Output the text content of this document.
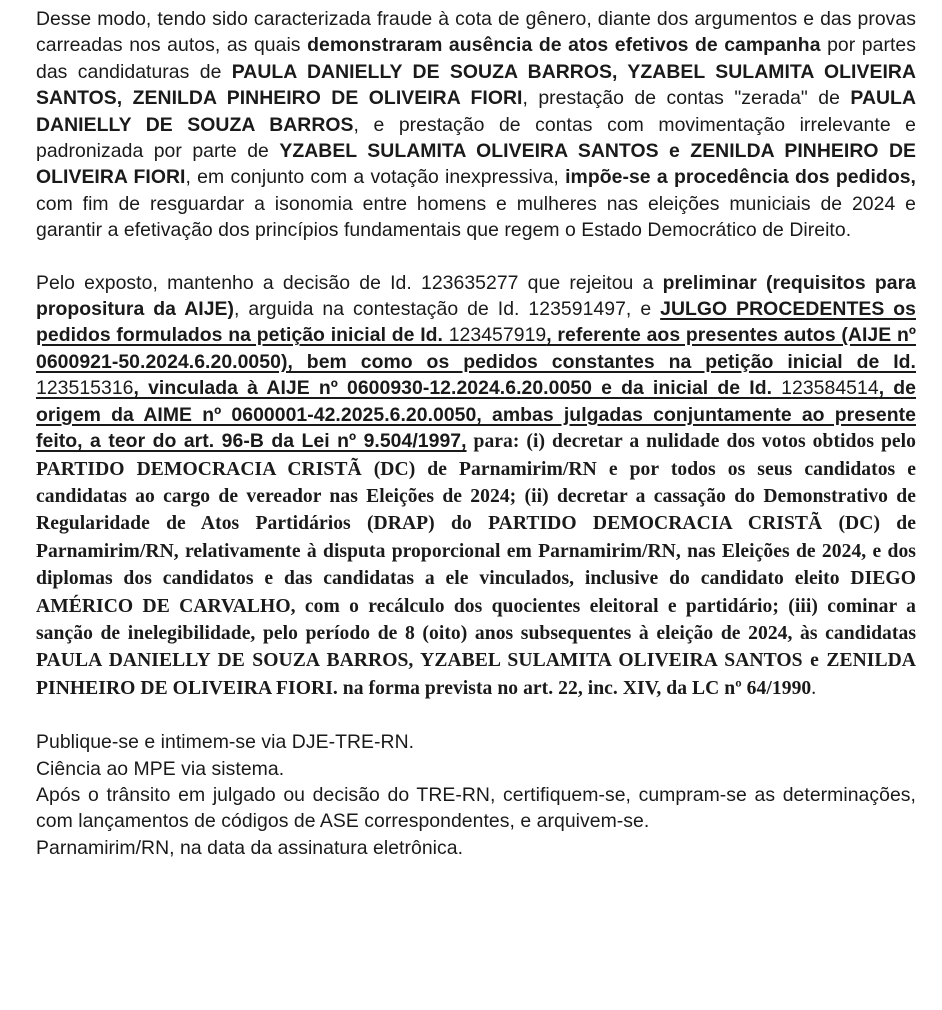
Desse modo, tendo sido caracterizada fraude à cota de gênero, diante dos argumentos e das provas carreadas nos autos, as quais demonstraram ausência de atos efetivos de campanha por partes das candidaturas de PAULA DANIELLY DE SOUZA BARROS, YZABEL SULAMITA OLIVEIRA SANTOS, ZENILDA PINHEIRO DE OLIVEIRA FIORI, prestação de contas "zerada" de PAULA DANIELLY DE SOUZA BARROS, e prestação de contas com movimentação irrelevante e padronizada por parte de YZABEL SULAMITA OLIVEIRA SANTOS e ZENILDA PINHEIRO DE OLIVEIRA FIORI, em conjunto com a votação inexpressiva, impõe-se a procedência dos pedidos, com fim de resguardar a isonomia entre homens e mulheres nas eleições municiais de 2024 e garantir a efetivação dos princípios fundamentais que regem o Estado Democrático de Direito.

Pelo exposto, mantenho a decisão de Id. 123635277 que rejeitou a preliminar (requisitos para propositura da AIJE), arguida na contestação de Id. 123591497, e JULGO PROCEDENTES os pedidos formulados na petição inicial de Id. 123457919, referente aos presentes autos (AIJE nº 0600921-50.2024.6.20.0050), bem como os pedidos constantes na petição inicial de Id. 123515316, vinculada à AIJE nº 0600930-12.2024.6.20.0050 e da inicial de Id. 123584514, de origem da AIME nº 0600001-42.2025.6.20.0050, ambas julgadas conjuntamente ao presente feito, a teor do art. 96-B da Lei nº 9.504/1997, para: (i) decretar a nulidade dos votos obtidos pelo PARTIDO DEMOCRACIA CRISTÃ (DC) de Parnamirim/RN e por todos os seus candidatos e candidatas ao cargo de vereador nas Eleições de 2024; (ii) decretar a cassação do Demonstrativo de Regularidade de Atos Partidários (DRAP) do PARTIDO DEMOCRACIA CRISTÃ (DC) de Parnamirim/RN, relativamente à disputa proporcional em Parnamirim/RN, nas Eleições de 2024, e dos diplomas dos candidatos e das candidatas a ele vinculados, inclusive do candidato eleito DIEGO AMÉRICO DE CARVALHO, com o recálculo dos quocientes eleitoral e partidário; (iii) cominar a sanção de inelegibilidade, pelo período de 8 (oito) anos subsequentes à eleição de 2024, às candidatas PAULA DANIELLY DE SOUZA BARROS, YZABEL SULAMITA OLIVEIRA SANTOS e ZENILDA PINHEIRO DE OLIVEIRA FIORI. na forma prevista no art. 22, inc. XIV, da LC nº 64/1990.

Publique-se e intimem-se via DJE-TRE-RN.
Ciência ao MPE via sistema.
Após o trânsito em julgado ou decisão do TRE-RN, certifiquem-se, cumpram-se as determinações, com lançamentos de códigos de ASE correspondentes, e arquivem-se.
Parnamirim/RN, na data da assinatura eletrônica.
